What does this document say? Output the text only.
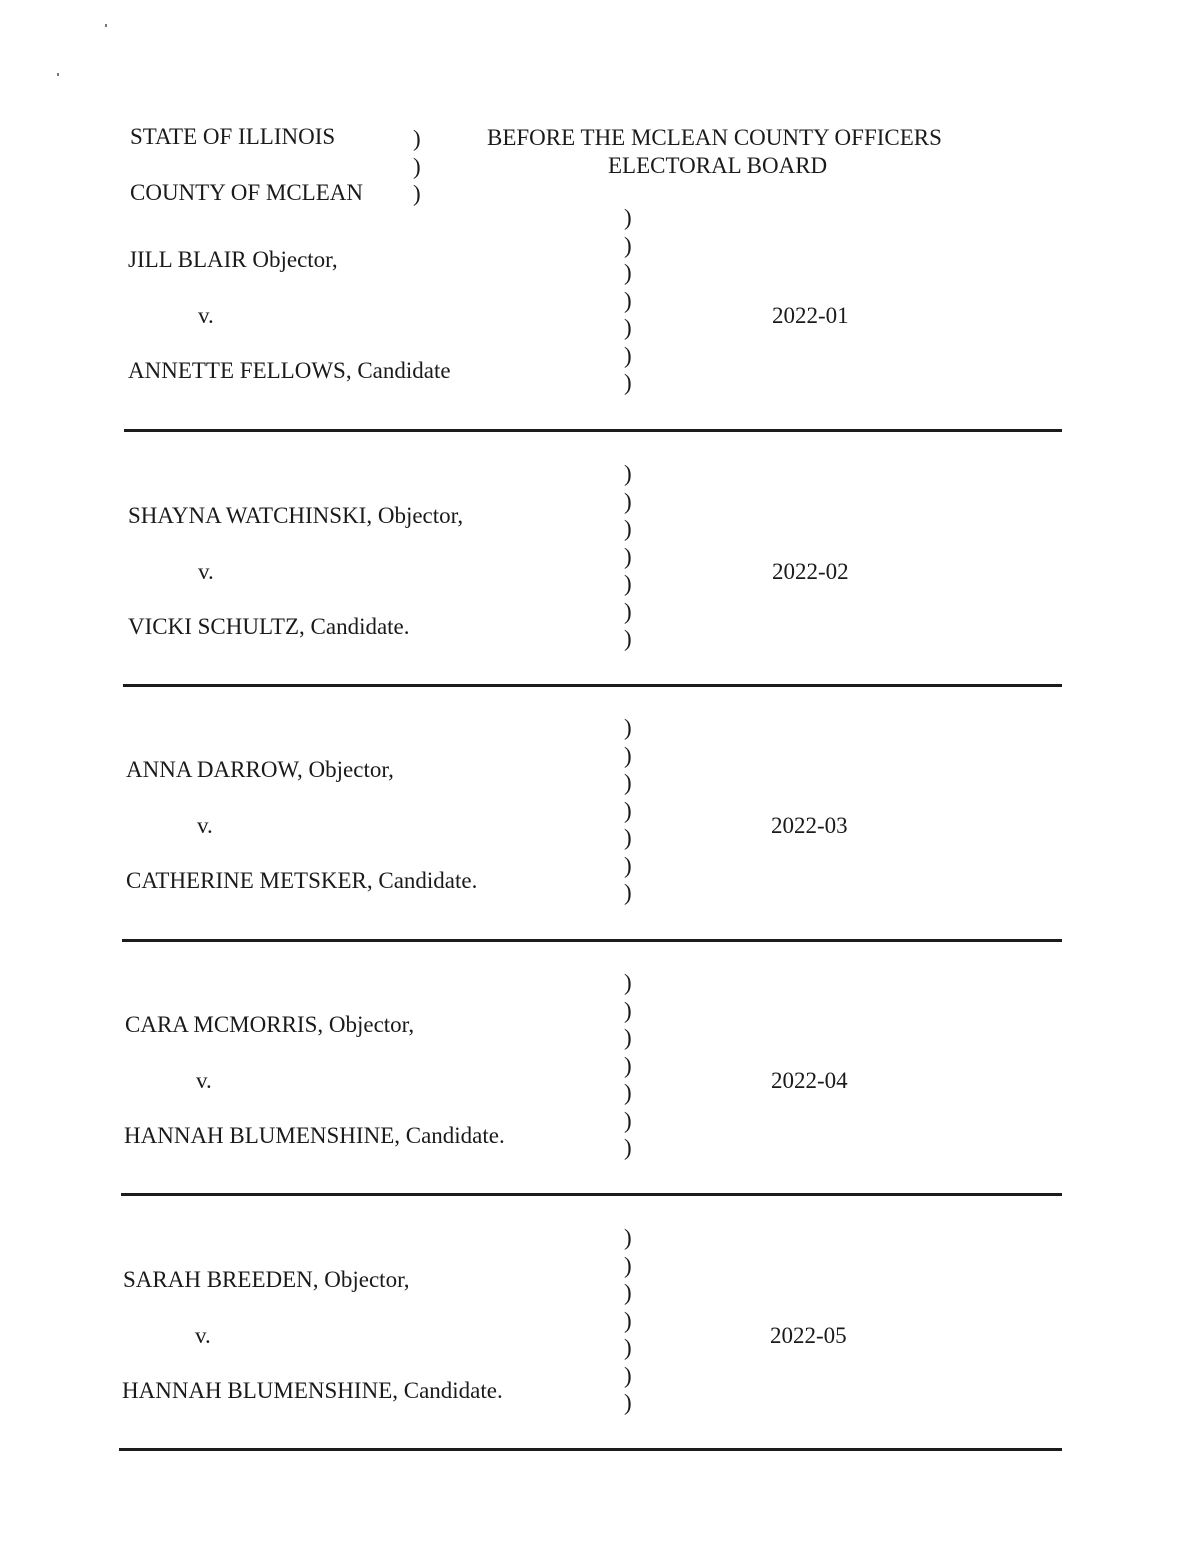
STATE OF ILLINOIS
COUNTY OF MCLEAN
)
)
)
BEFORE THE MCLEAN COUNTY OFFICERS
ELECTORAL BOARD
JILL BLAIR Objector,
v.
ANNETTE FELLOWS, Candidate
)
)
)
)
)
)
)
2022-01
SHAYNA WATCHINSKI, Objector,
v.
VICKI SCHULTZ, Candidate.
)
)
)
)
)
)
)
2022-02
ANNA DARROW, Objector,
v.
CATHERINE METSKER, Candidate.
)
)
)
)
)
)
)
2022-03
CARA MCMORRIS, Objector,
v.
HANNAH BLUMENSHINE, Candidate.
)
)
)
)
)
)
)
2022-04
SARAH BREEDEN, Objector,
v.
HANNAH BLUMENSHINE, Candidate.
)
)
)
)
)
)
)
2022-05
